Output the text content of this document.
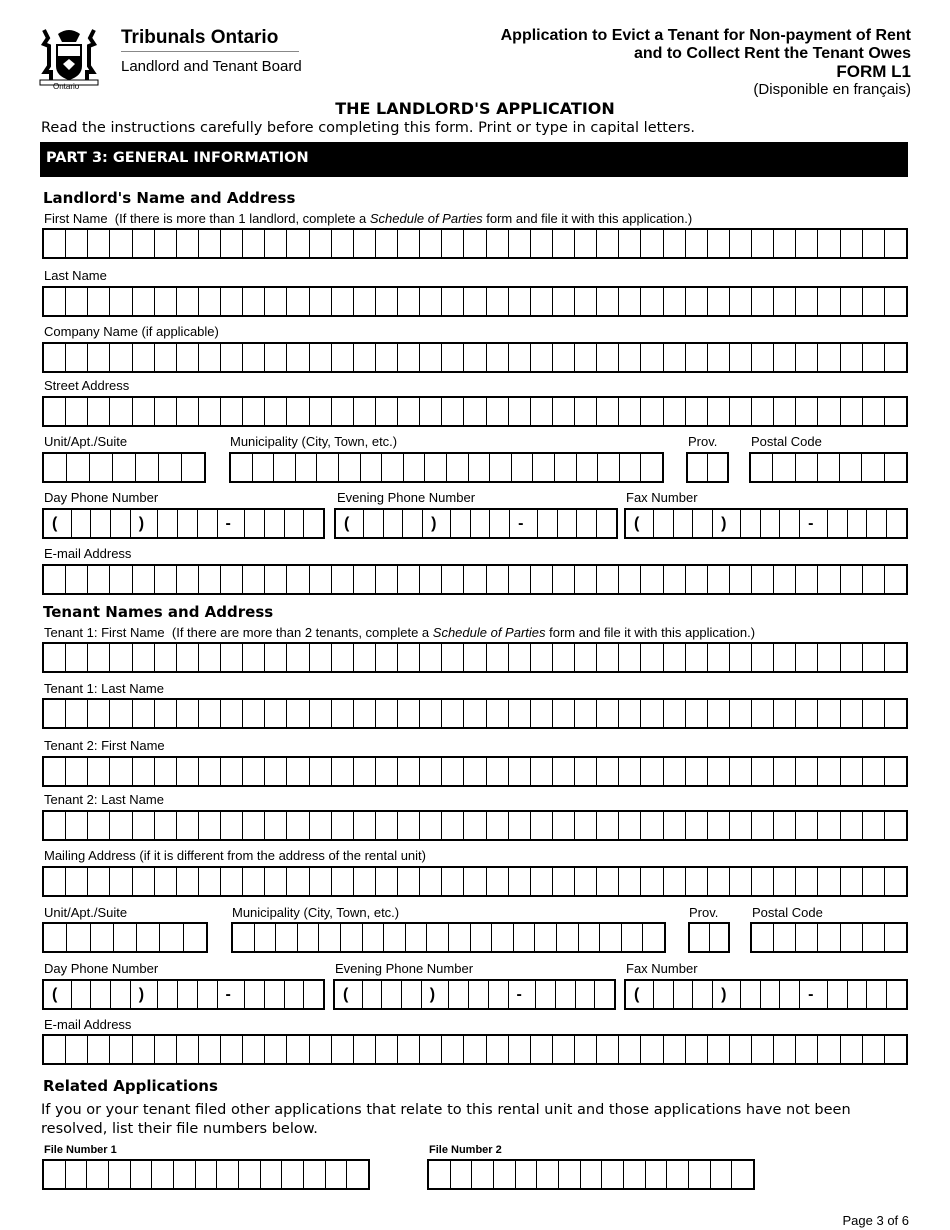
Tribunals Ontario
Landlord and Tenant Board
Ontario
Application to Evict a Tenant for Non-payment of Rent
and to Collect Rent the Tenant Owes
FORM L1
(Disponible en français)
THE LANDLORD'S APPLICATION
Read the instructions carefully before completing this form. Print or type in capital letters.
PART 3: GENERAL INFORMATION
Landlord's Name and Address
First Name (If there is more than 1 landlord, complete a Schedule of Parties form and file it with this application.)
Last Name
Company Name (if applicable)
Street Address
Unit/Apt./Suite	Municipality (City, Town, etc.)	Prov.	Postal Code
Day Phone Number	Evening Phone Number	Fax Number
(	)	-	(	)	-	(	)	-
E-mail Address
Tenant Names and Address
Tenant 1: First Name (If there are more than 2 tenants, complete a Schedule of Parties form and file it with this application.)
Tenant 1: Last Name
Tenant 2: First Name
Tenant 2: Last Name
Mailing Address (if it is different from the address of the rental unit)
Unit/Apt./Suite	Municipality (City, Town, etc.)	Prov.	Postal Code
Day Phone Number	Evening Phone Number	Fax Number
(	)	-	(	)	-	(	)	-
E-mail Address
Related Applications
If you or your tenant filed other applications that relate to this rental unit and those applications have not been resolved, list their file numbers below.
File Number 1	File Number 2
Page 3 of 6
